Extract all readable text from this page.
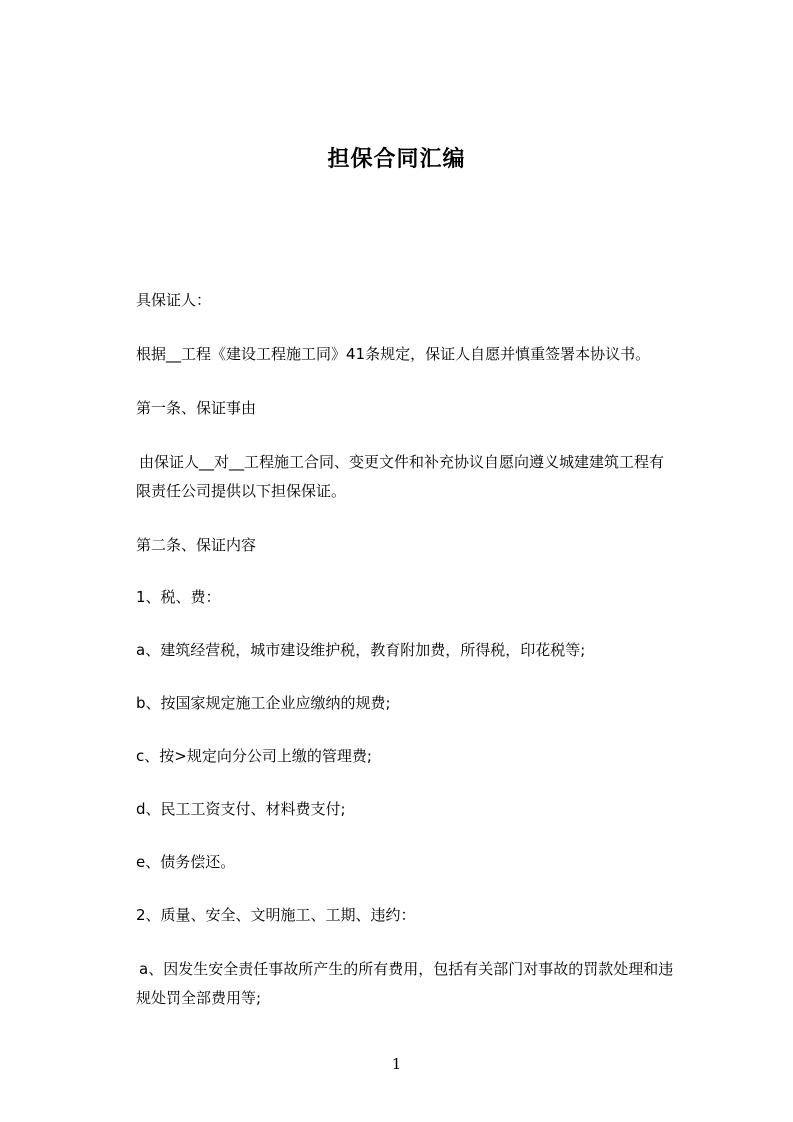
担保合同汇编
具保证人：
根据__工程《建设工程施工同》41条规定，保证人自愿并慎重签署本协议书。
第一条、保证事由
由保证人__对__工程施工合同、变更文件和补充协议自愿向遵义城建建筑工程有
限责任公司提供以下担保保证。
第二条、保证内容
1、税、费：
a、建筑经营税，城市建设维护税，教育附加费，所得税，印花税等;
b、按国家规定施工企业应缴纳的规费;
c、按>规定向分公司上缴的管理费;
d、民工工资支付、材料费支付;
e、债务偿还。
2、质量、安全、文明施工、工期、违约：
a、因发生安全责任事故所产生的所有费用，包括有关部门对事故的罚款处理和违
规处罚全部费用等;
1
